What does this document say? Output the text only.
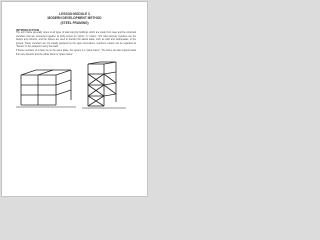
LESSON MODULE 3
MODERN DEVELOPMENT METHOD
(STEEL FRAMING)
INTRODUCTION
The term frame generally refers to all types of load carrying buildings which are made from steel and the structural members that are connected together at joints known as "joints" or "nodes". The load carrying members are the beams and columns, and the frames are used to transfer the lateral loads, such as wind and earthquakes, to the ground. These members are not equally designed by the span connections, members, beams can be regarded as "frames" in the analysis to carry the loads.
If frame members of a frame lie on the same plane, the system is a "plane frame". The frame can also support loads from any direction and the whole frame is "space frame".
